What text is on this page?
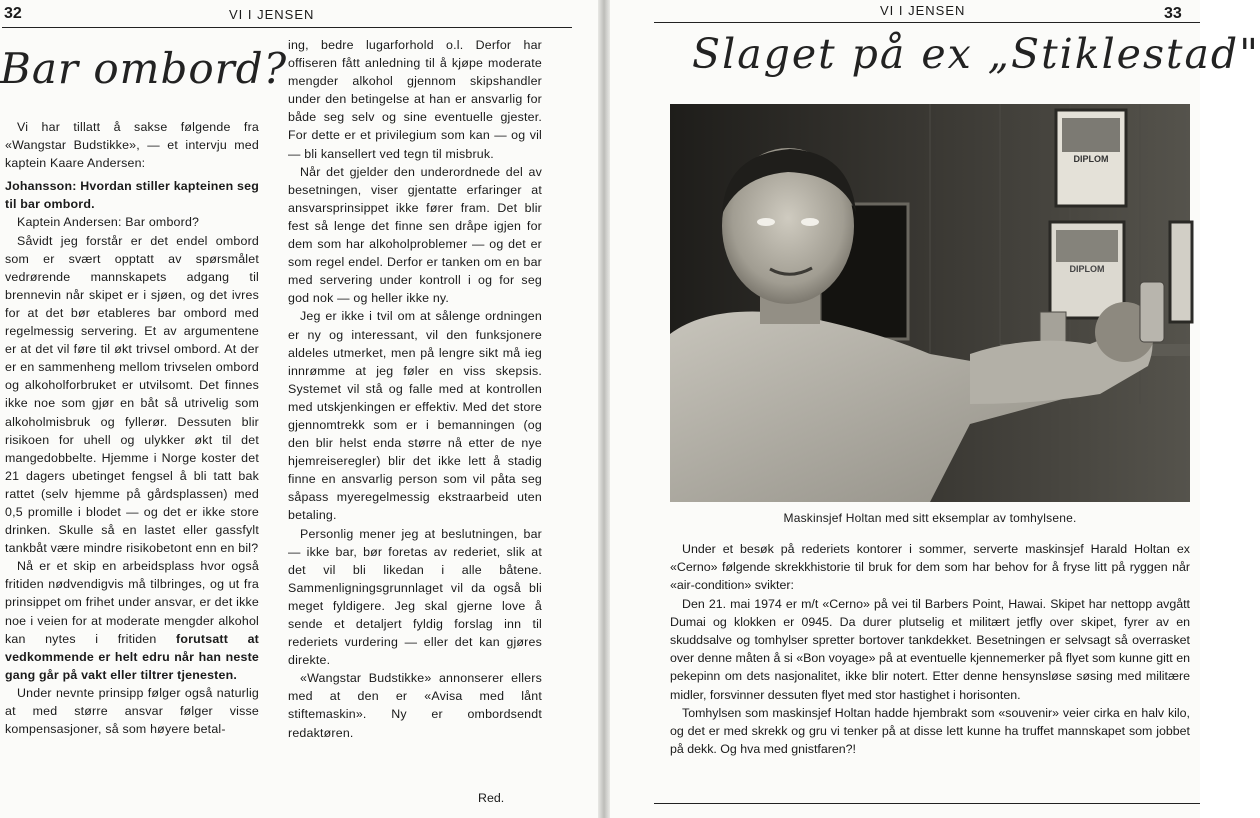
32	VI I JENSEN
Bar ombord?

Vi har tillatt å sakse følgende fra «Wangstar Budstikke», — et intervju med kaptein Kaare Andersen:

Johansson: Hvordan stiller kapteinen seg til bar ombord.

Kaptein Andersen: Bar ombord?

Såvidt jeg forstår er det endel ombord som er svært opptatt av spørsmålet vedrørende mannskapets adgang til brennevin når skipet er i sjøen, og det ivres for at det bør etableres bar ombord med regelmessig servering. Et av argumentene er at det vil føre til økt trivsel ombord. At der er en sammenheng mellom trivselen ombord og alkoholforbruket er utvilsomt. Det finnes ikke noe som gjør en båt så utrivelig som alkoholmisbruk og fyllerør. Dessuten blir risikoen for uhell og ulykker økt til det mangedobbelte. Hjemme i Norge koster det 21 dagers ubetinget fengsel å bli tatt bak rattet (selv hjemme på gårdsplassen) med 0,5 promille i blodet — og det er ikke store drinken. Skulle så en lastet eller gassfylt tankbåt være mindre risikobetont enn en bil?

Nå er et skip en arbeidsplass hvor også fritiden nødvendigvis må tilbringes, og ut fra prinsippet om frihet under ansvar, er det ikke noe i veien for at moderate mengder alkohol kan nytes i fritiden forutsatt at vedkommende er helt edru når han neste gang går på vakt eller tiltrer tjenesten.

Under nevnte prinsipp følger også naturlig at med større ansvar følger visse kompensasjoner, så som høyere betal-

ing, bedre lugarforhold o.l. Derfor har offiseren fått anledning til å kjøpe moderate mengder alkohol gjennom skipshandler under den betingelse at han er ansvarlig for både seg selv og sine eventuelle gjester. For dette er et privilegium som kan — og vil — bli kansellert ved tegn til misbruk.

Når det gjelder den underordnede del av besetningen, viser gjentatte erfaringer at ansvarsprinsippet ikke fører fram. Det blir fest så lenge det finne sen dråpe igjen for dem som har alkoholproblemer — og det er som regel endel. Derfor er tanken om en bar med servering under kontroll i og for seg god nok — og heller ikke ny.

Jeg er ikke i tvil om at sålenge ordningen er ny og interessant, vil den funksjonere aldeles utmerket, men på lengre sikt må ieg innrømme at jeg føler en viss skepsis. Systemet vil stå og falle med at kontrollen med utskjenkingen er effektiv. Med det store gjennomtrekk som er i bemanningen (og den blir helst enda større nå etter de nye hjemreiseregler) blir det ikke lett å stadig finne en ansvarlig person som vil påta seg såpass myeregelmessig ekstraarbeid uten betaling.

Personlig mener jeg at beslutningen, bar — ikke bar, bør foretas av rederiet, slik at det vil bli likedan i alle båtene. Sammenligningsgrunnlaget vil da også bli meget fyldigere. Jeg skal gjerne love å sende et detaljert fyldig forslag inn til rederiets vurdering — eller det kan gjøres direkte.

«Wangstar Budstikke» annonserer ellers med at den er «Avisa med lånt stiftemaskin». Ny er ombordsendt redaktøren.

Red.
VI I JENSEN	33
Slaget på ex „Stiklestad"
DIPLOM
DIPLOM
Maskinsjef Holtan med sitt eksemplar av tomhylsene.

Under et besøk på rederiets kontorer i sommer, serverte maskinsjef Harald Holtan ex «Cerno» følgende skrekkhistorie til bruk for dem som har behov for å fryse litt på ryggen når «air-condition» svikter:

Den 21. mai 1974 er m/t «Cerno» på vei til Barbers Point, Hawai. Skipet har nettopp avgått Dumai og klokken er 0945. Da durer plutselig et militært jetfly over skipet, fyrer av en skuddsalve og tomhylser spretter bortover tankdekket. Besetningen er selvsagt så overrasket over denne måten å si «Bon voyage» på at eventuelle kjennemerker på flyet som kunne gitt en pekepinn om dets nasjonalitet, ikke blir notert. Etter denne hensynsløse søsing med militære midler, forsvinner dessuten flyet med stor hastighet i horisonten.

Tomhylsen som maskinsjef Holtan hadde hjembrakt som «souvenir» veier cirka en halv kilo, og det er med skrekk og gru vi tenker på at disse lett kunne ha truffet mannskapet som jobbet på dekk. Og hva med gnistfaren?!
